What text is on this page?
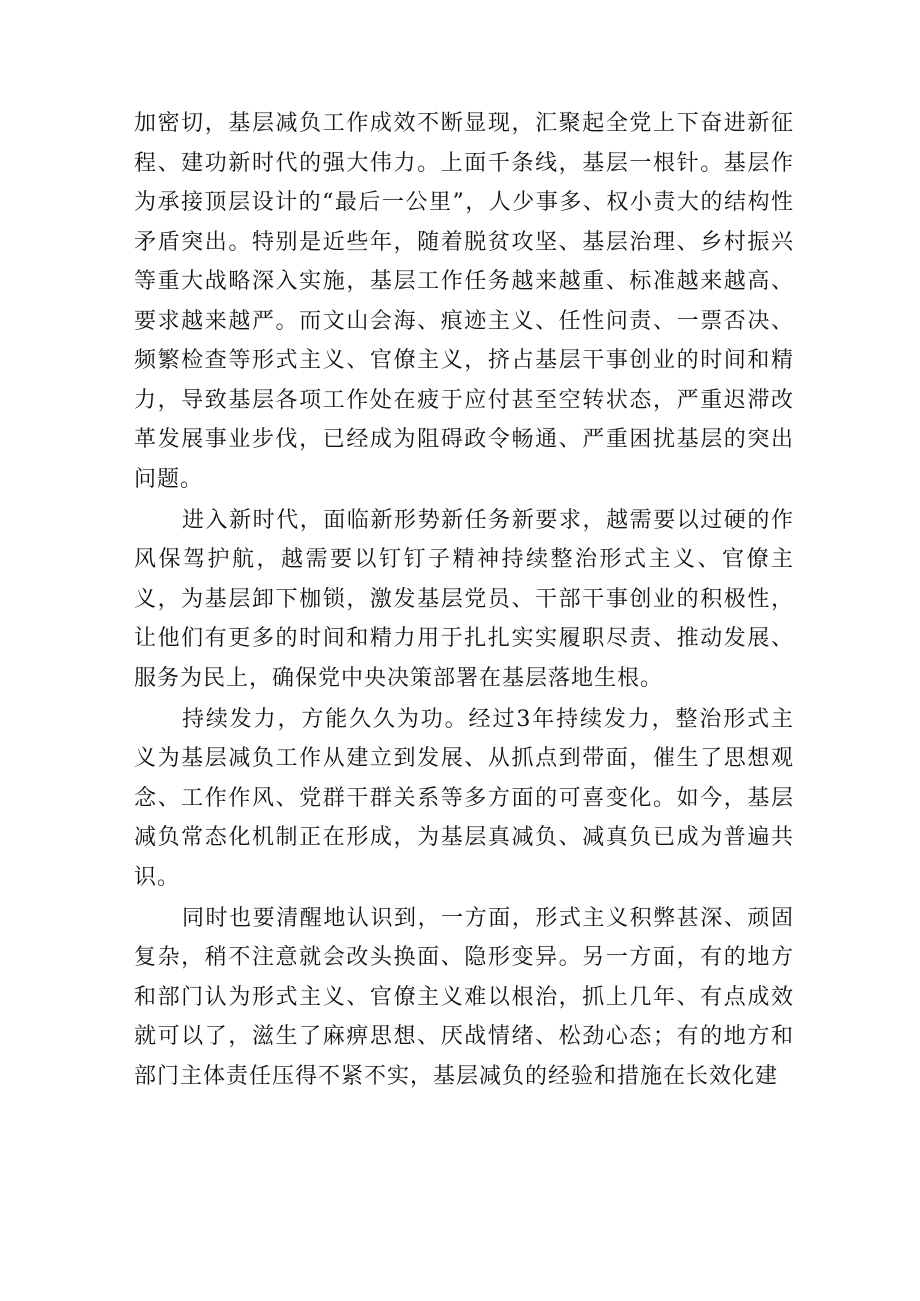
加密切，基层减负工作成效不断显现，汇聚起全党上下奋进新征程、建功新时代的强大伟力。上面千条线，基层一根针。基层作为承接顶层设计的“最后一公里”，人少事多、权小责大的结构性矛盾突出。特别是近些年，随着脱贫攻坚、基层治理、乡村振兴等重大战略深入实施，基层工作任务越来越重、标准越来越高、要求越来越严。而文山会海、痕迹主义、任性问责、一票否决、频繁检查等形式主义、官僚主义，挤占基层干事创业的时间和精力，导致基层各项工作处在疲于应付甚至空转状态，严重迟滞改革发展事业步伐，已经成为阻碍政令畅通、严重困扰基层的突出问题。

进入新时代，面临新形势新任务新要求，越需要以过硬的作风保驾护航，越需要以钉钉子精神持续整治形式主义、官僚主义，为基层卸下枷锁，激发基层党员、干部干事创业的积极性，让他们有更多的时间和精力用于扎扎实实履职尽责、推动发展、服务为民上，确保党中央决策部署在基层落地生根。

持续发力，方能久久为功。经过3年持续发力，整治形式主义为基层减负工作从建立到发展、从抓点到带面，催生了思想观念、工作作风、党群干群关系等多方面的可喜变化。如今，基层减负常态化机制正在形成，为基层真减负、减真负已成为普遍共识。

同时也要清醒地认识到，一方面，形式主义积弊甚深、顽固复杂，稍不注意就会改头换面、隐形变异。另一方面，有的地方和部门认为形式主义、官僚主义难以根治，抓上几年、有点成效就可以了，滋生了麻痹思想、厌战情绪、松劲心态；有的地方和部门主体责任压得不紧不实，基层减负的经验和措施在长效化建
